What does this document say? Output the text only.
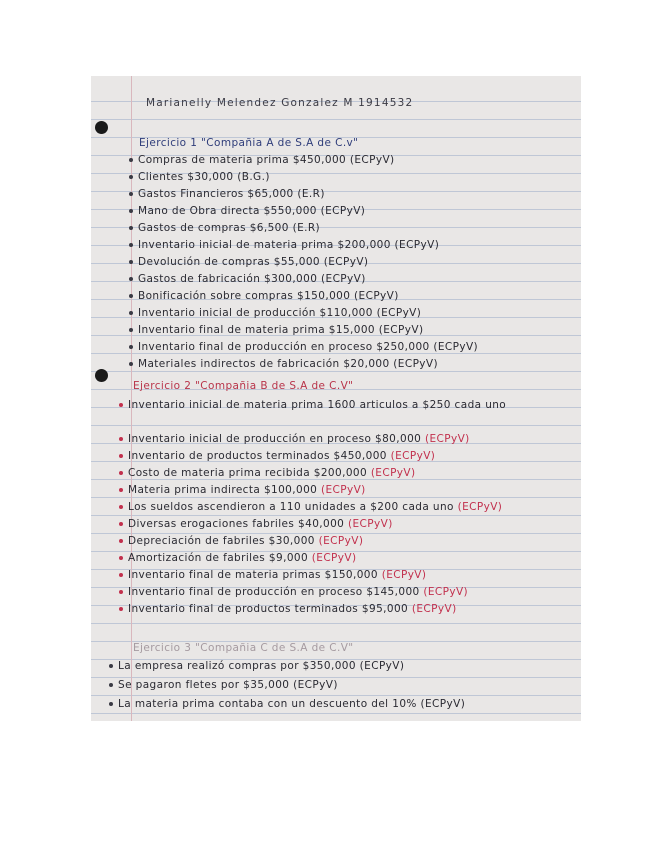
Marianelly Melendez Gonzalez M 1914532
Ejercicio 1 "Compañia A de S.A de C.v"
Compras de materia prima $450,000 (ECPyV)
Clientes $30,000 (B.G.)
Gastos Financieros $65,000 (E.R)
Mano de Obra directa $550,000 (ECPyV)
Gastos de compras $6,500 (E.R)
Inventario inicial de materia prima $200,000 (ECPyV)
Devolución de compras $55,000 (ECPyV)
Gastos de fabricación $300,000 (ECPyV)
Bonificación sobre compras $150,000 (ECPyV)
Inventario inicial de producción $110,000 (ECPyV)
Inventario final de materia prima $15,000 (ECPyV)
Inventario final de producción en proceso $250,000 (ECPyV)
Materiales indirectos de fabricación $20,000 (ECPyV)
Ejercicio 2 "Compañia B de S.A de C.V"
Inventario inicial de materia prima 1600 articulos a $250 cada uno
Inventario inicial de producción en proceso $80,000 (ECPyV)
Inventario de productos terminados $450,000 (ECPyV)
Costo de materia prima recibida $200,000 (ECPyV)
Materia prima indirecta $100,000 (ECPyV)
Los sueldos ascendieron a 110 unidades a $200 cada uno (ECPyV)
Diversas erogaciones fabriles $40,000 (ECPyV)
Depreciación de fabriles $30,000 (ECPyV)
Amortización de fabriles $9,000 (ECPyV)
Inventario final de materia primas $150,000 (ECPyV)
Inventario final de producción en proceso $145,000 (ECPyV)
Inventario final de productos terminados $95,000 (ECPyV)
Ejercicio 3 "Compañia C de S.A de C.V"
La empresa realizó compras por $350,000 (ECPyV)
Se pagaron fletes por $35,000 (ECPyV)
La materia prima contaba con un descuento del 10% (ECPyV)
